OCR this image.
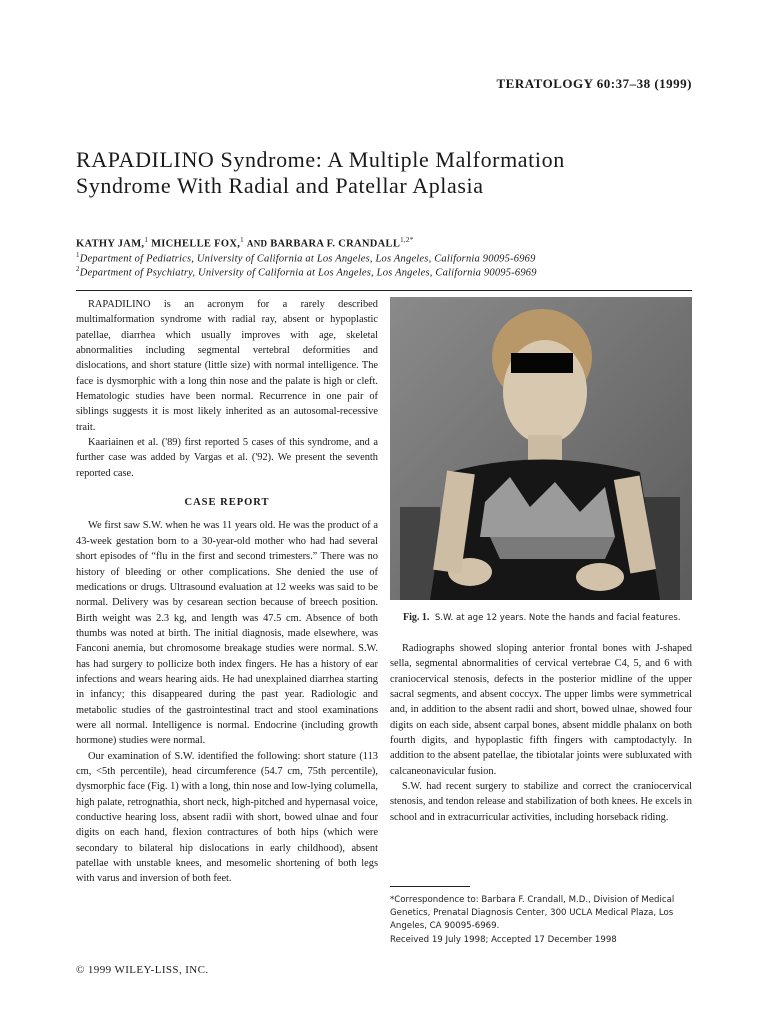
TERATOLOGY 60:37–38 (1999)
RAPADILINO Syndrome: A Multiple Malformation Syndrome With Radial and Patellar Aplasia
KATHY JAM,$^1$ MICHELLE FOX,$^1$ AND BARBARA F. $CRANDALL^{1,2*}$
$^1$Department of Pediatrics, University of California at Los Angeles, Los Angeles, California 90095-6969
$^2$Department of Psychiatry, University of California at Los Angeles, Los Angeles, California 90095-6969

RAPADILINO is an acronym for a rarely described multimalformation syndrome with radial ray, absent or hypoplastic patellae, diarrhea which usually improves with age, skeletal abnormalities including segmental vertebral deformities and dislocations, and short stature (little size) with normal intelligence. The face is dysmorphic with a long thin nose and the palate is high or cleft. Hematologic studies have been normal. Recurrence in one pair of siblings suggests it is most likely inherited as an autosomal-recessive trait.

Kaariainen et al. ('89) first reported 5 cases of this syndrome, and a further case was added by Vargas et al. ('92). We present the seventh reported case.

CASE REPORT

We first saw S.W. when he was 11 years old. He was the product of a 43-week gestation born to a 30-year-old mother who had had several short episodes of “flu in the first and second trimesters.” There was no history of bleeding or other complications. She denied the use of medications or drugs. Ultrasound evaluation at 12 weeks was said to be normal. Delivery was by cesarean section because of breech position. Birth weight was 2.3 kg, and length was 47.5 cm. Absence of both thumbs was noted at birth. The initial diagnosis, made elsewhere, was Fanconi anemia, but chromosome breakage studies were normal. S.W. has had surgery to pollicize both index fingers. He has a history of ear infections and wears hearing aids. He had unexplained diarrhea starting in infancy; this disappeared during the past year. Radiologic and metabolic studies of the gastrointestinal tract and stool examinations were all normal. Intelligence is normal. Endocrine (including growth hormone) studies were normal.

Our examination of S.W. identified the following: short stature (113 cm, <5th percentile), head circumference (54.7 cm, 75th percentile), dysmorphic face (Fig. 1) with a long, thin nose and low-lying columella, high palate, retrognathia, short neck, high-pitched and hypernasal voice, conductive hearing loss, absent radii with short, bowed ulnae and four digits on each hand, flexion contractures of both hips (which were secondary to bilateral hip dislocations in early childhood), absent patellae with unstable knees, and mesomelic shortening of both legs with varus and inversion of both feet.

Fig. 1. S.W. at age 12 years. Note the hands and facial features.

Radiographs showed sloping anterior frontal bones with J-shaped sella, segmental abnormalities of cervical vertebrae C4, 5, and 6 with craniocervical stenosis, defects in the posterior midline of the upper sacral segments, and absent coccyx. The upper limbs were symmetrical and, in addition to the absent radii and short, bowed ulnae, showed four digits on each side, absent carpal bones, absent middle phalanx on both fourth digits, and hypoplastic fifth fingers with camptodactyly. In addition to the absent patellae, the tibiotalar joints were subluxated with calcaneonavicular fusion.

S.W. had recent surgery to stabilize and correct the craniocervical stenosis, and tendon release and stabilization of both knees. He excels in school and in extracurricular activities, including horseback riding.

*Correspondence to: Barbara F. Crandall, M.D., Division of Medical Genetics, Prenatal Diagnosis Center, 300 UCLA Medical Plaza, Los Angeles, CA 90095-6969.
Received 19 July 1998; Accepted 17 December 1998
© 1999 WILEY-LISS, INC.
